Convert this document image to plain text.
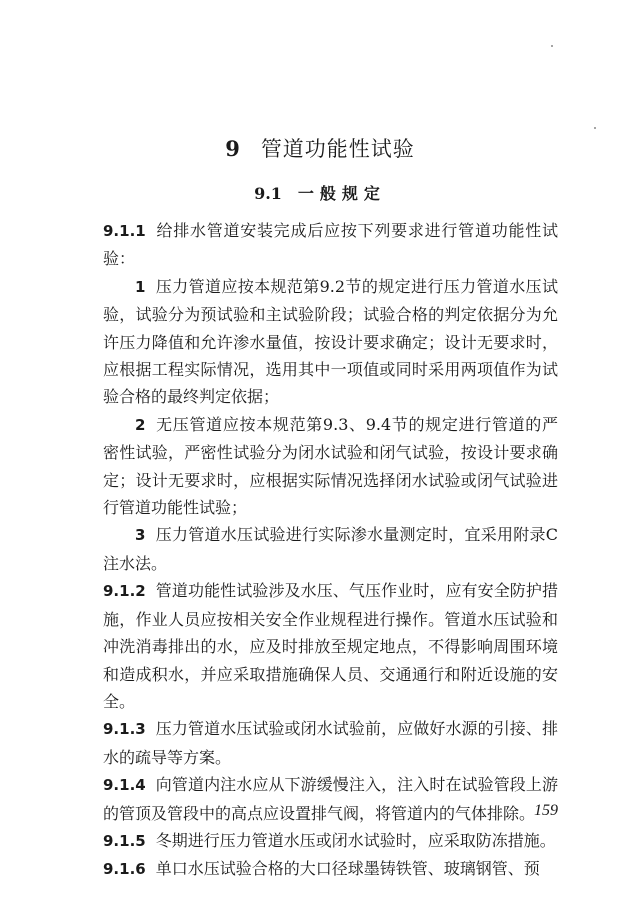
9 管道功能性试验
9.1 一般规定

9.1.1 给排水管道安装完成后应按下列要求进行管道功能性试验：

1 压力管道应按本规范第9.2节的规定进行压力管道水压试验，试验分为预试验和主试验阶段；试验合格的判定依据分为允许压力降值和允许渗水量值，按设计要求确定；设计无要求时，应根据工程实际情况，选用其中一项值或同时采用两项值作为试验合格的最终判定依据；

2 无压管道应按本规范第9.3、9.4节的规定进行管道的严密性试验，严密性试验分为闭水试验和闭气试验，按设计要求确定；设计无要求时，应根据实际情况选择闭水试验或闭气试验进行管道功能性试验；

3 压力管道水压试验进行实际渗水量测定时，宜采用附录C注水法。

9.1.2 管道功能性试验涉及水压、气压作业时，应有安全防护措施，作业人员应按相关安全作业规程进行操作。管道水压试验和冲洗消毒排出的水，应及时排放至规定地点，不得影响周围环境和造成积水，并应采取措施确保人员、交通通行和附近设施的安全。

9.1.3 压力管道水压试验或闭水试验前，应做好水源的引接、排水的疏导等方案。

9.1.4 向管道内注水应从下游缓慢注入，注入时在试验管段上游的管顶及管段中的高点应设置排气阀，将管道内的气体排除。

9.1.5 冬期进行压力管道水压或闭水试验时，应采取防冻措施。

9.1.6 单口水压试验合格的大口径球墨铸铁管、玻璃钢管、预

159
